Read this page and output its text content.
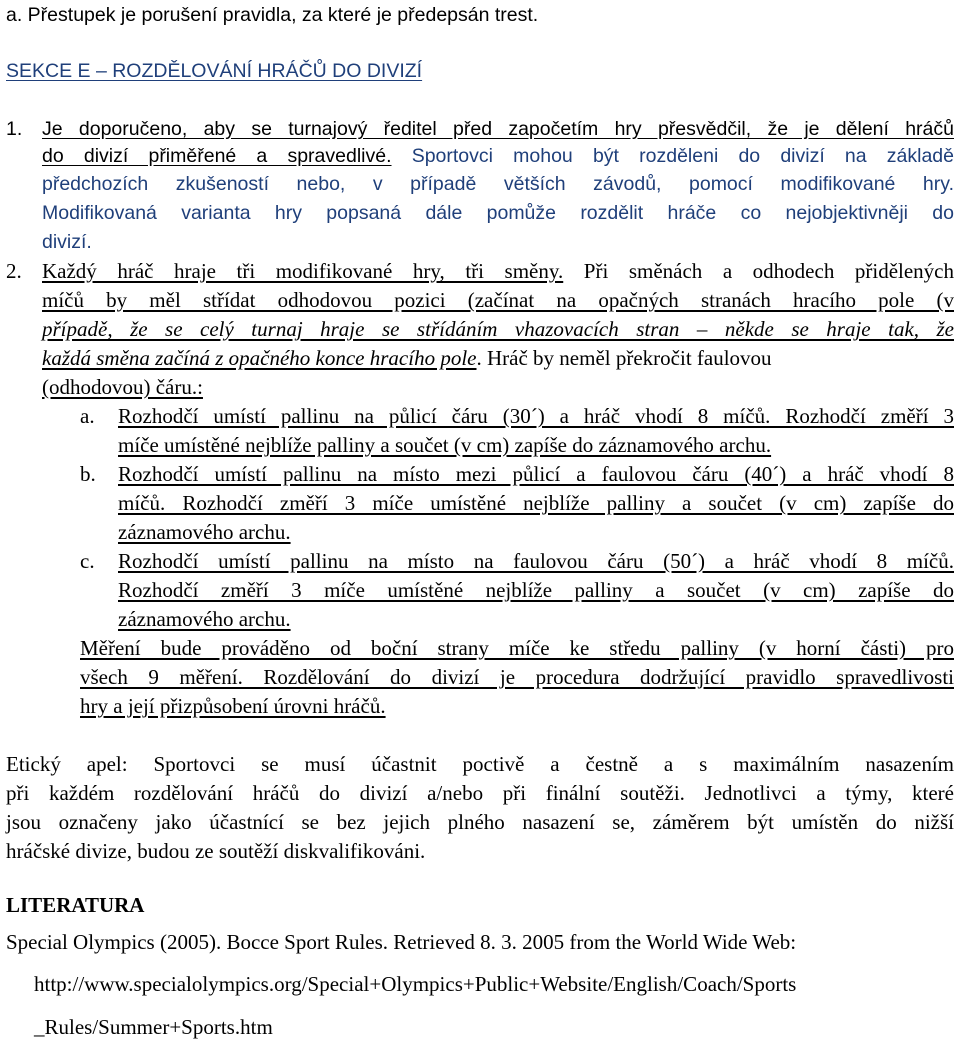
a. Přestupek je porušení pravidla, za které je předepsán trest.
SEKCE E – ROZDĚLOVÁNÍ HRÁČŮ DO DIVIZÍ
1. Je doporučeno, aby se turnajový ředitel před započetím hry přesvědčil, že je dělení hráčů
do divizí přiměřené a spravedlivé. Sportovci mohou být rozděleni do divizí na základě
předchozích zkušeností nebo, v případě větších závodů, pomocí modifikované hry.
Modifikovaná varianta hry popsaná dále pomůže rozdělit hráče co nejobjektivněji do
divizí.
2. Každý hráč hraje tři modifikované hry, tři směny. Při směnách a odhodech přidělených
míčů by měl střídat odhodovou pozici (začínat na opačných stranách hracího pole (v
případě, že se celý turnaj hraje se střídáním vhazovacích stran – někde se hraje tak, že
každá směna začíná z opačného konce hracího pole. Hráč by neměl překročit faulovou
(odhodovou) čáru.:
a. Rozhodčí umístí pallinu na půlicí čáru (30´) a hráč vhodí 8 míčů. Rozhodčí změří 3
míče umístěné nejblíže palliny a součet (v cm) zapíše do záznamového archu.
b. Rozhodčí umístí pallinu na místo mezi půlicí a faulovou čáru (40´) a hráč vhodí 8
míčů. Rozhodčí změří 3 míče umístěné nejblíže palliny a součet (v cm) zapíše do
záznamového archu.
c. Rozhodčí umístí pallinu na místo na faulovou čáru (50´) a hráč vhodí 8 míčů.
Rozhodčí změří 3 míče umístěné nejblíže palliny a součet (v cm) zapíše do
záznamového archu.
Měření bude prováděno od boční strany míče ke středu palliny (v horní části) pro
všech 9 měření. Rozdělování do divizí je procedura dodržující pravidlo spravedlivosti
hry a její přizpůsobení úrovni hráčů.
Etický apel: Sportovci se musí účastnit poctivě a čestně a s maximálním nasazením
při každém rozdělování hráčů do divizí a/nebo při finální soutěži. Jednotlivci a týmy, které
jsou označeny jako účastnící se bez jejich plného nasazení se, záměrem být umístěn do nižší
hráčské divize, budou ze soutěží diskvalifikováni.
LITERATURA
Special Olympics (2005). Bocce Sport Rules. Retrieved 8. 3. 2005 from the World Wide Web:
http://www.specialolympics.org/Special+Olympics+Public+Website/English/Coach/Sports
_Rules/Summer+Sports.htm
